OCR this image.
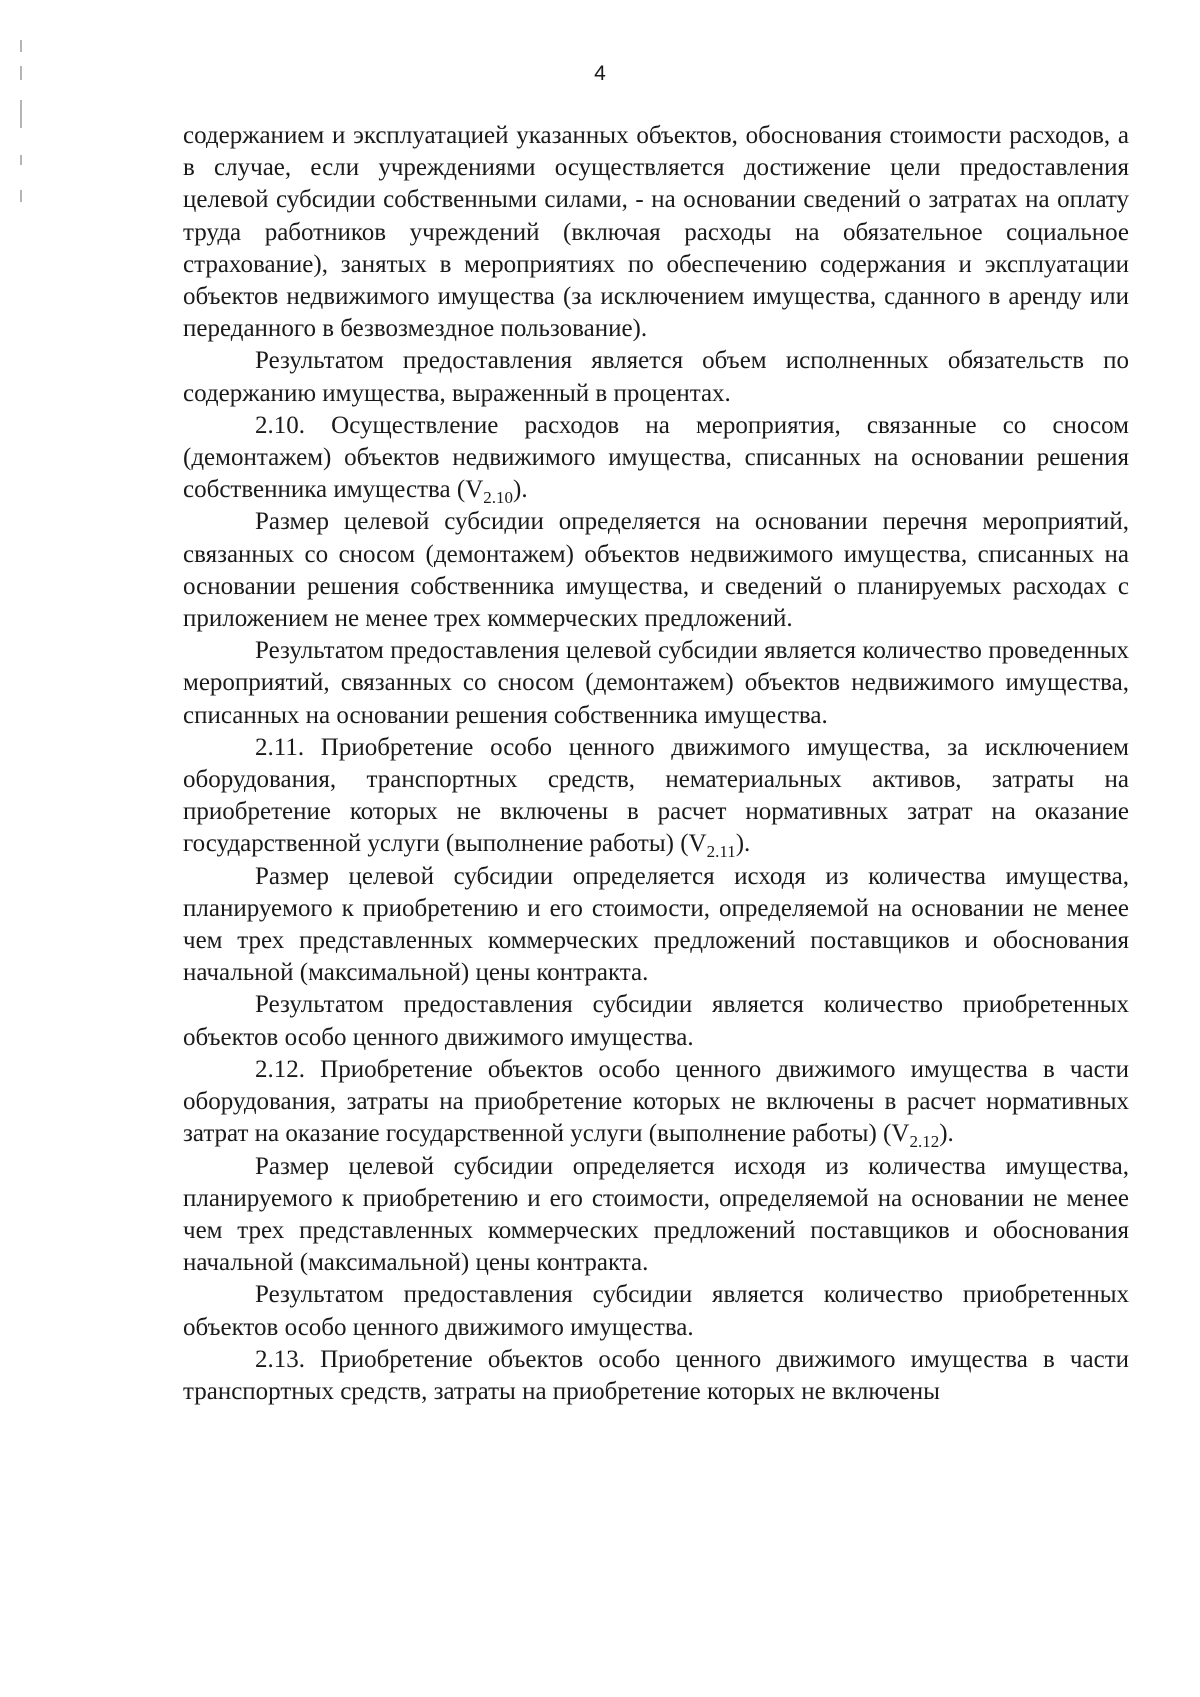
4

содержанием и эксплуатацией указанных объектов, обоснования стоимости расходов, а в случае, если учреждениями осуществляется достижение цели предоставления целевой субсидии собственными силами, - на основании сведений о затратах на оплату труда работников учреждений (включая расходы на обязательное социальное страхование), занятых в мероприятиях по обеспечению содержания и эксплуатации объектов недвижимого имущества (за исключением имущества, сданного в аренду или переданного в безвозмездное пользование).

Результатом предоставления является объем исполненных обязательств по содержанию имущества, выраженный в процентах.

2.10. Осуществление расходов на мероприятия, связанные со сносом (демонтажем) объектов недвижимого имущества, списанных на основании решения собственника имущества $(V_{2.10})$.

Размер целевой субсидии определяется на основании перечня мероприятий, связанных со сносом (демонтажем) объектов недвижимого имущества, списанных на основании решения собственника имущества, и сведений о планируемых расходах с приложением не менее трех коммерческих предложений.

Результатом предоставления целевой субсидии является количество проведенных мероприятий, связанных со сносом (демонтажем) объектов недвижимого имущества, списанных на основании решения собственника имущества.

2.11. Приобретение особо ценного движимого имущества, за исключением оборудования, транспортных средств, нематериальных активов, затраты на приобретение которых не включены в расчет нормативных затрат на оказание государственной услуги (выполнение работы) $(V_{2.11})$.

Размер целевой субсидии определяется исходя из количества имущества, планируемого к приобретению и его стоимости, определяемой на основании не менее чем трех представленных коммерческих предложений поставщиков и обоснования начальной (максимальной) цены контракта.

Результатом предоставления субсидии является количество приобретенных объектов особо ценного движимого имущества.

2.12. Приобретение объектов особо ценного движимого имущества в части оборудования, затраты на приобретение которых не включены в расчет нормативных затрат на оказание государственной услуги (выполнение работы) $(V_{2.12})$.

Размер целевой субсидии определяется исходя из количества имущества, планируемого к приобретению и его стоимости, определяемой на основании не менее чем трех представленных коммерческих предложений поставщиков и обоснования начальной (максимальной) цены контракта.

Результатом предоставления субсидии является количество приобретенных объектов особо ценного движимого имущества.

2.13. Приобретение объектов особо ценного движимого имущества в части транспортных средств, затраты на приобретение которых не включены
